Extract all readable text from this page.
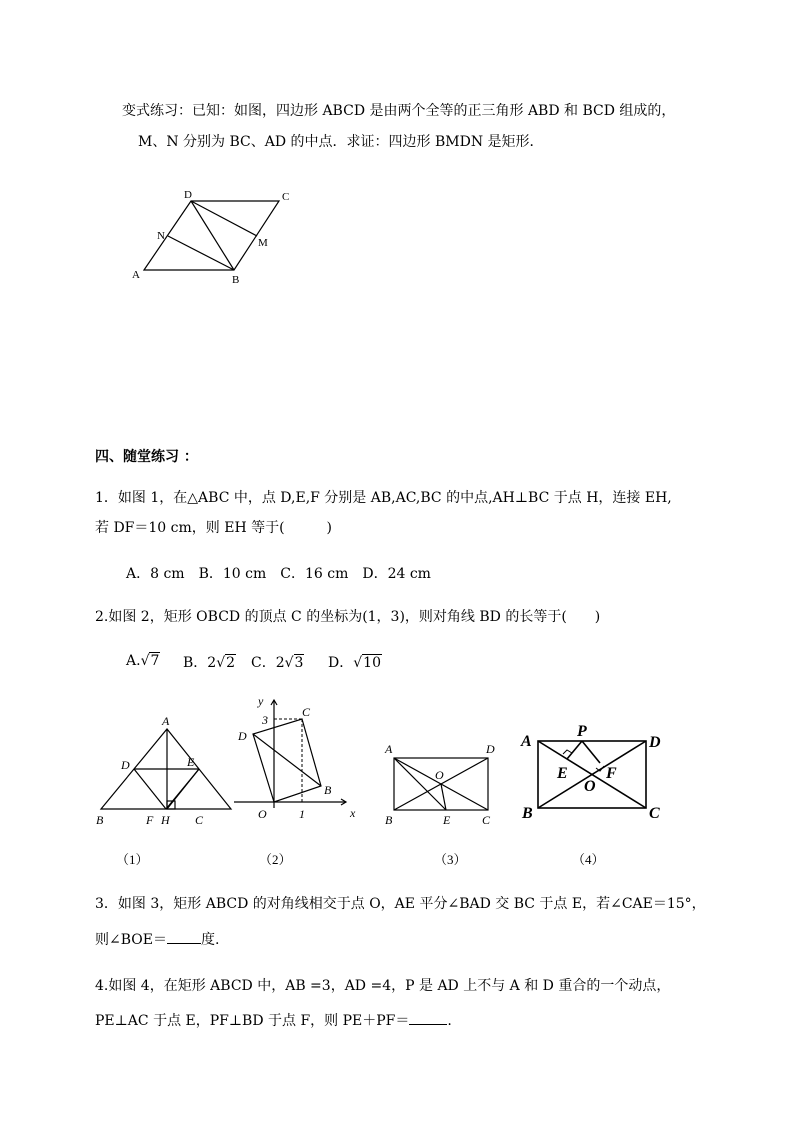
变式练习：已知：如图，四边形 ABCD 是由两个全等的正三角形 ABD 和 BCD 组成的，
M、N 分别为 BC、AD 的中点．求证：四边形 BMDN 是矩形．
D	C
N
M
A	B
四、随堂练习 ：
1．如图 1，在△ABC 中，点 D,E,F 分别是 AB,AC,BC 的中点,AH⊥BC 于点 H，连接 EH,
若 DF＝10 cm，则 EH 等于(　　　)
A．8 cm　B．10 cm　C．16 cm　D．24 cm
2.如图 2，矩形 OBCD 的顶点 C 的坐标为(1，3)，则对角线 BD 的长等于(　　)
A.√7 B．2√2 C．2√3 D．√10
A
D	E
B	F H C
（1）
y
3
C
D
B
O	1	x
（2）
A	D
O
B	E	C
（3）
A
P
D
E F
O
B	C
（4）
3．如图 3，矩形 ABCD 的对角线相交于点 O，AE 平分∠BAD 交 BC 于点 E，若∠CAE＝15°，
则∠BOE＝ 度.
4.如图 4，在矩形 ABCD 中，AB =3，AD =4，P 是 AD 上不与 A 和 D 重合的一个动点，
PE⊥AC 于点 E，PF⊥BD 于点 F，则 PE＋PF＝	.
